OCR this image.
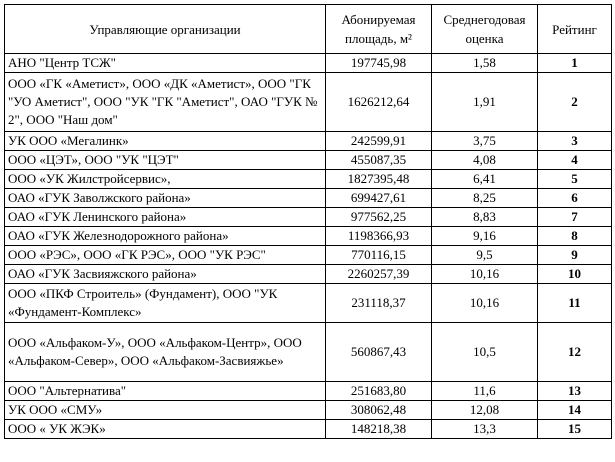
Управляющие организации	Абонируемая площадь, м²	Среднегодовая оценка	Рейтинг
АНО "Центр ТСЖ"	197745,98	1,58	1
ООО «ГК «Аметист», ООО «ДК «Аметист», ООО "ГК "УО Аметист", ООО "УК "ГК "Аметист", ОАО "ГУК № 2", ООО "Наш дом"	1626212,64	1,91	2
УК ООО «Мегалинк»	242599,91	3,75	3
ООО «ЦЭТ», ООО "УК "ЦЭТ"	455087,35	4,08	4
ООО «УК Жилстройсервис»,	1827395,48	6,41	5
ОАО «ГУК Заволжского района»	699427,61	8,25	6
ОАО «ГУК Ленинского района»	977562,25	8,83	7
ОАО «ГУК Железнодорожного района»	1198366,93	9,16	8
ООО «РЭС», ООО «ГК РЭС», ООО "УК РЭС"	770116,15	9,5	9
ОАО «ГУК Засвияжского района»	2260257,39	10,16	10
ООО «ПКФ Строитель» (Фундамент), ООО "УК «Фундамент-Комплекс»	231118,37	10,16	11
ООО «Альфаком-У», ООО «Альфаком-Центр», ООО «Альфаком-Север», ООО «Альфаком-Засвияжье»	560867,43	10,5	12
ООО "Альтернатива"	251683,80	11,6	13
УК ООО «СМУ»	308062,48	12,08	14
ООО « УК ЖЭК»	148218,38	13,3	15
